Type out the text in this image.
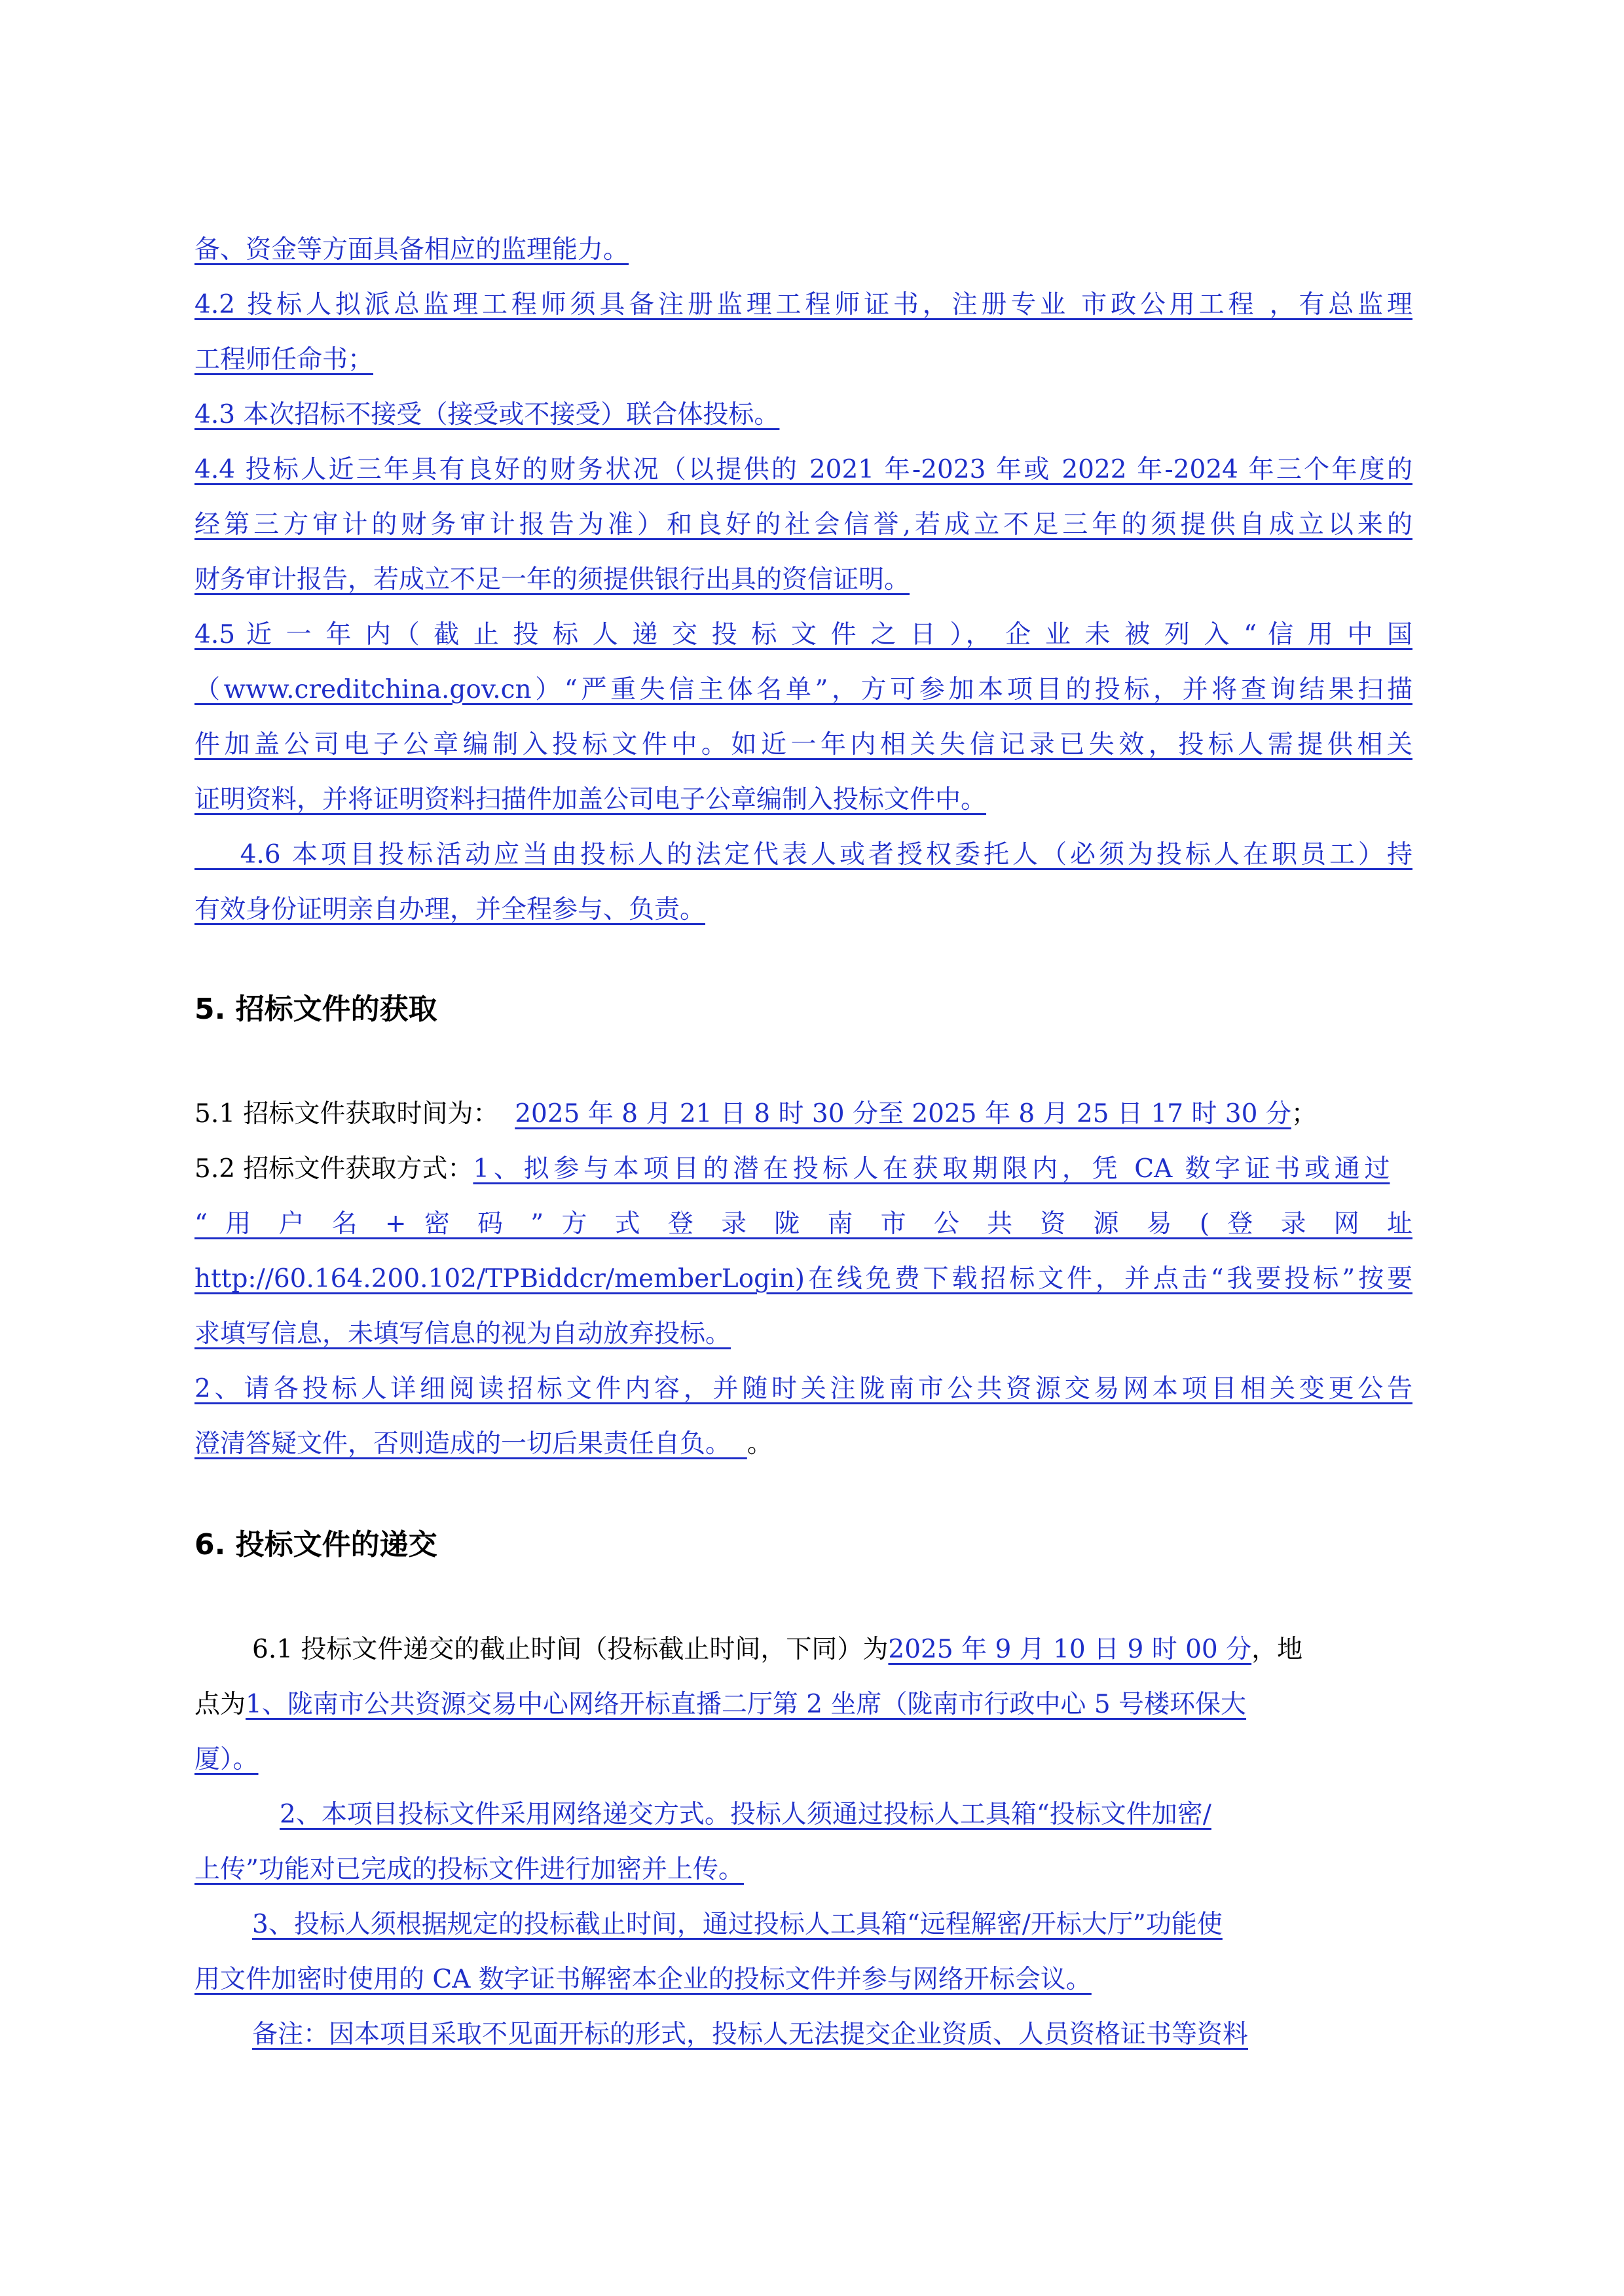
备、资金等方面具备相应的监理能力。
4.2 投标人拟派总监理工程师须具备注册监理工程师证书，注册专业 市政公用工程 ，有总监理
工程师任命书；
4.3 本次招标不接受（接受或不接受）联合体投标。
4.4 投标人近三年具有良好的财务状况（以提供的 2021 年-2023 年或 2022 年-2024 年三个年度的
经第三方审计的财务审计报告为准）和良好的社会信誉,若成立不足三年的须提供自成立以来的
财务审计报告，若成立不足一年的须提供银行出具的资信证明。
4.5 近 一 年 内（ 截 止 投 标 人 递 交 投 标 文 件 之 日 ）， 企 业 未 被 列 入 “ 信 用 中 国
（www.creditchina.gov.cn）“严重失信主体名单”，方可参加本项目的投标，并将查询结果扫描
件加盖公司电子公章编制入投标文件中。如近一年内相关失信记录已失效，投标人需提供相关
证明资料，并将证明资料扫描件加盖公司电子公章编制入投标文件中。
4.6 本项目投标活动应当由投标人的法定代表人或者授权委托人（必须为投标人在职员工）持
有效身份证明亲自办理，并全程参与、负责。
5. 招标文件的获取
5.1 招标文件获取时间为： 2025 年 8 月 21 日 8 时 30 分至 2025 年 8 月 25 日 17 时 30 分；
5.2 招标文件获取方式：1、拟参与本项目的潜在投标人在获取期限内，凭 CA 数字证书或通过
“ 用 户 名 + 密 码 ” 方 式 登 录 陇 南 市 公 共 资 源 易 ( 登 录 网 址
http://60.164.200.102/TPBiddcr/memberLogin)在线免费下载招标文件，并点击“我要投标”按要
求填写信息，未填写信息的视为自动放弃投标。
2、请各投标人详细阅读招标文件内容，并随时关注陇南市公共资源交易网本项目相关变更公告
澄清答疑文件，否则造成的一切后果责任自负。 。
6. 投标文件的递交
6.1 投标文件递交的截止时间（投标截止时间，下同）为2025 年 9 月 10 日 9 时 00 分，地
点为1、陇南市公共资源交易中心网络开标直播二厅第 2 坐席（陇南市行政中心 5 号楼环保大
厦）。
2、本项目投标文件采用网络递交方式。投标人须通过投标人工具箱“投标文件加密/
上传”功能对已完成的投标文件进行加密并上传。
3、投标人须根据规定的投标截止时间，通过投标人工具箱“远程解密/开标大厅”功能使
用文件加密时使用的 CA 数字证书解密本企业的投标文件并参与网络开标会议。
备注：因本项目采取不见面开标的形式，投标人无法提交企业资质、人员资格证书等资料
